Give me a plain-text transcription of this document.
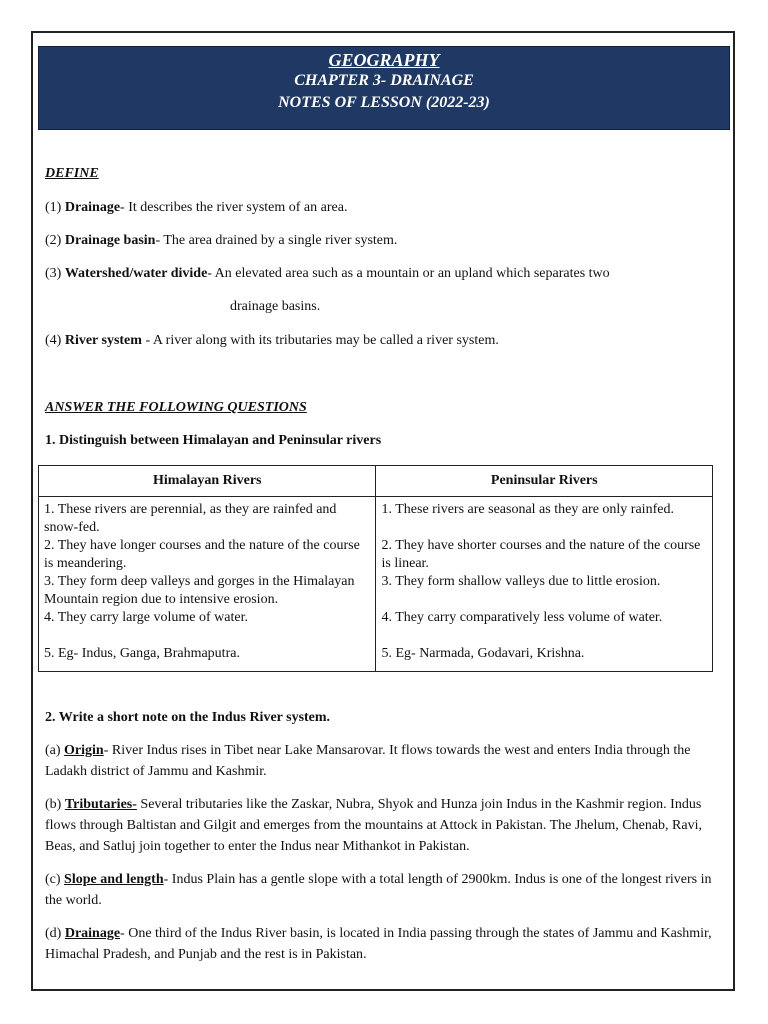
GEOGRAPHY
CHAPTER 3- DRAINAGE
NOTES OF LESSON (2022-23)
DEFINE
(1) Drainage- It describes the river system of an area.
(2) Drainage basin- The area drained by a single river system.
(3) Watershed/water divide- An elevated area such as a mountain or an upland which separates two
drainage basins.
(4) River system - A river along with its tributaries may be called a river system.
ANSWER THE FOLLOWING QUESTIONS
1. Distinguish between Himalayan and Peninsular rivers
Himalayan Rivers	Peninsular Rivers
1. These rivers are perennial, as they are rainfed and snow-fed.	1. These rivers are seasonal as they are only rainfed.
2. They have longer courses and the nature of the course is meandering.	2. They have shorter courses and the nature of the course is linear.
3. They form deep valleys and gorges in the Himalayan Mountain region due to intensive erosion.	3. They form shallow valleys due to little erosion.
4. They carry large volume of water.	4. They carry comparatively less volume of water.
5. Eg- Indus, Ganga, Brahmaputra.	5. Eg- Narmada, Godavari, Krishna.
2. Write a short note on the Indus River system.
(a) Origin- River Indus rises in Tibet near Lake Mansarovar. It flows towards the west and enters India through the Ladakh district of Jammu and Kashmir.
(b) Tributaries- Several tributaries like the Zaskar, Nubra, Shyok and Hunza join Indus in the Kashmir region. Indus flows through Baltistan and Gilgit and emerges from the mountains at Attock in Pakistan. The Jhelum, Chenab, Ravi, Beas, and Satluj join together to enter the Indus near Mithankot in Pakistan.
(c) Slope and length- Indus Plain has a gentle slope with a total length of 2900km. Indus is one of the longest rivers in the world.
(d) Drainage- One third of the Indus River basin, is located in India passing through the states of Jammu and Kashmir, Himachal Pradesh, and Punjab and the rest is in Pakistan.
